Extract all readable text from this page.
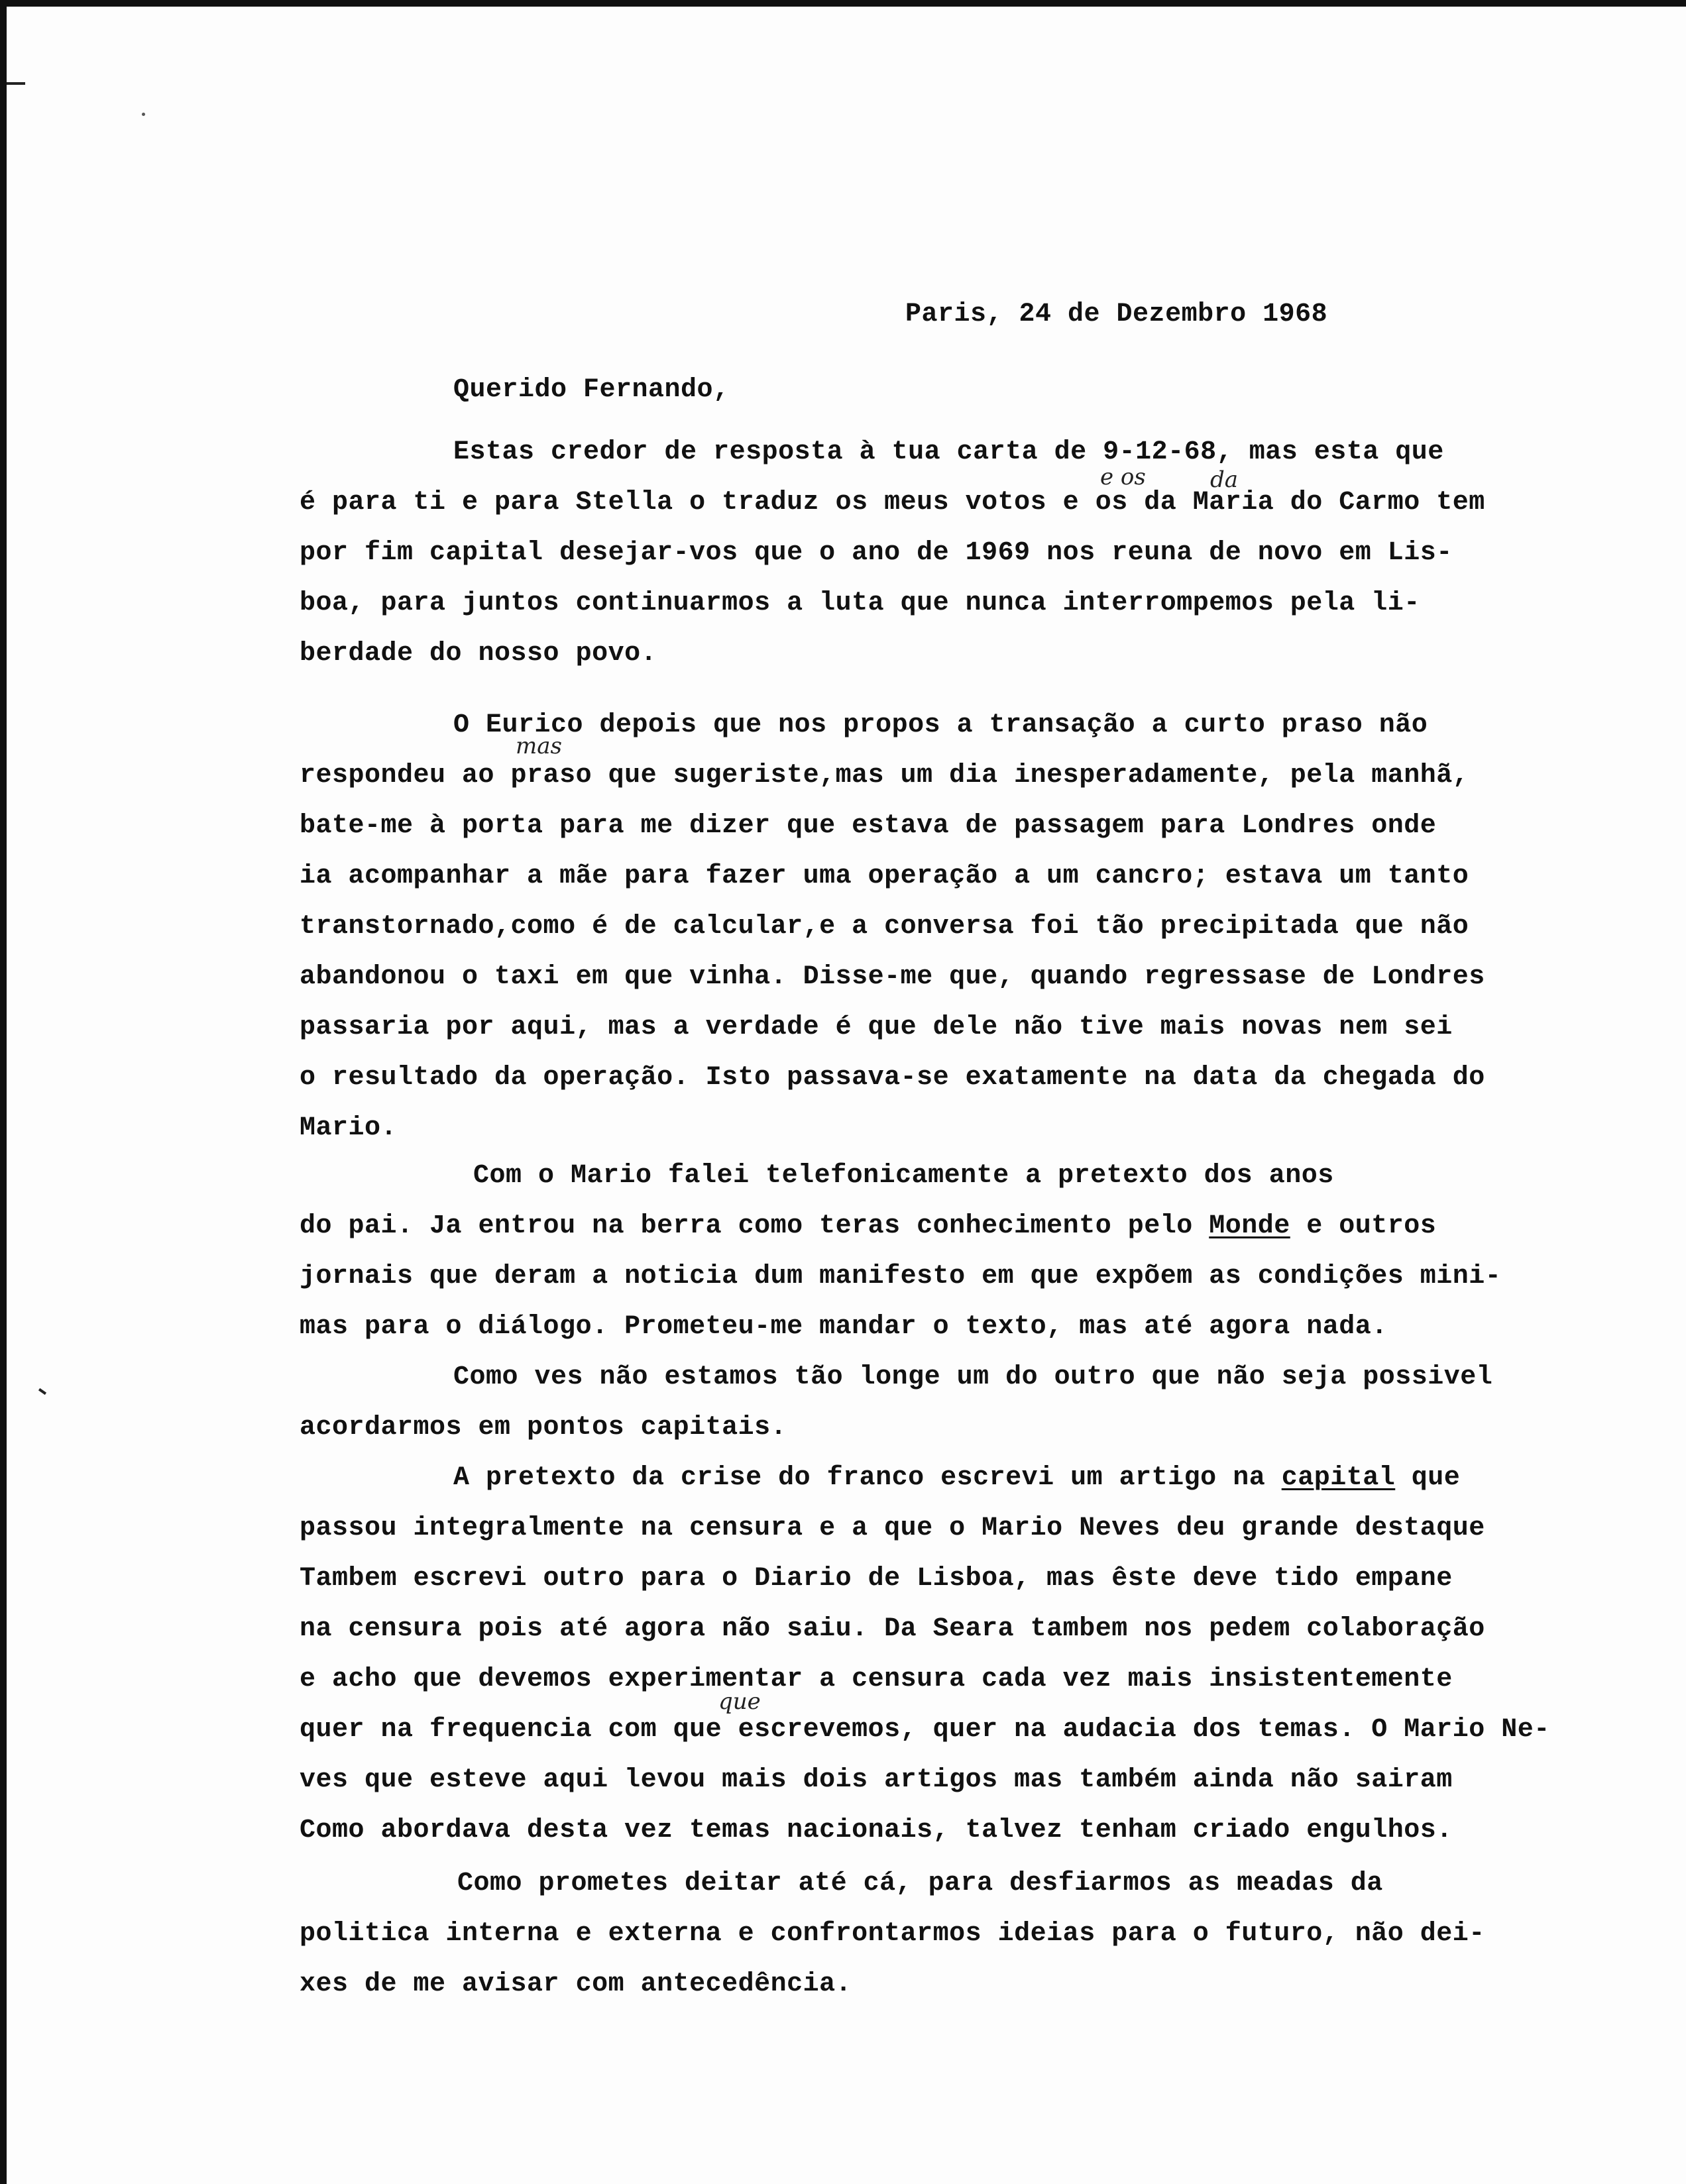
Paris, 24 de Dezembro 1968
Querido Fernando,
Estas credor de resposta à tua carta de 9-12-68, mas esta que
é para ti e para Stella o traduz os meus votos e os da Maria do Carmo tem
por fim capital desejar-vos que o ano de 1969 nos reuna de novo em Lis-
boa, para juntos continuarmos a luta que nunca interrompemos pela li-
berdade do nosso povo.
O Eurico depois que nos propos a transação a curto praso não
respondeu ao praso que sugeriste,mas um dia inesperadamente, pela manhã,
bate-me à porta para me dizer que estava de passagem para Londres onde
ia acompanhar a mãe para fazer uma operação a um cancro; estava um tanto
transtornado,como é de calcular,e a conversa foi tão precipitada que não
abandonou o taxi em que vinha. Disse-me que, quando regressase de Londres
passaria por aqui, mas a verdade é que dele não tive mais novas nem sei
o resultado da operação. Isto passava-se exatamente na data da chegada do
Mario.
Com o Mario falei telefonicamente a pretexto dos anos
do pai. Ja entrou na berra como teras conhecimento pelo Monde e outros
jornais que deram a noticia dum manifesto em que expõem as condições mini-
mas para o diálogo. Prometeu-me mandar o texto, mas até agora nada.
Como ves não estamos tão longe um do outro que não seja possivel
acordarmos em pontos capitais.
A pretexto da crise do franco escrevi um artigo na capital que
passou integralmente na censura e a que o Mario Neves deu grande destaque
Tambem escrevi outro para o Diario de Lisboa, mas êste deve tido empane
na censura pois até agora não saiu. Da Seara tambem nos pedem colaboração
e acho que devemos experimentar a censura cada vez mais insistentemente
quer na frequencia com que escrevemos, quer na audacia dos temas. O Mario Ne-
ves que esteve aqui levou mais dois artigos mas também ainda não sairam
Como abordava desta vez temas nacionais, talvez tenham criado engulhos.
Como prometes deitar até cá, para desfiarmos as meadas da
politica interna e externa e confrontarmos ideias para o futuro, não dei-
xes de me avisar com antecedência.
e os	da
mas
que
